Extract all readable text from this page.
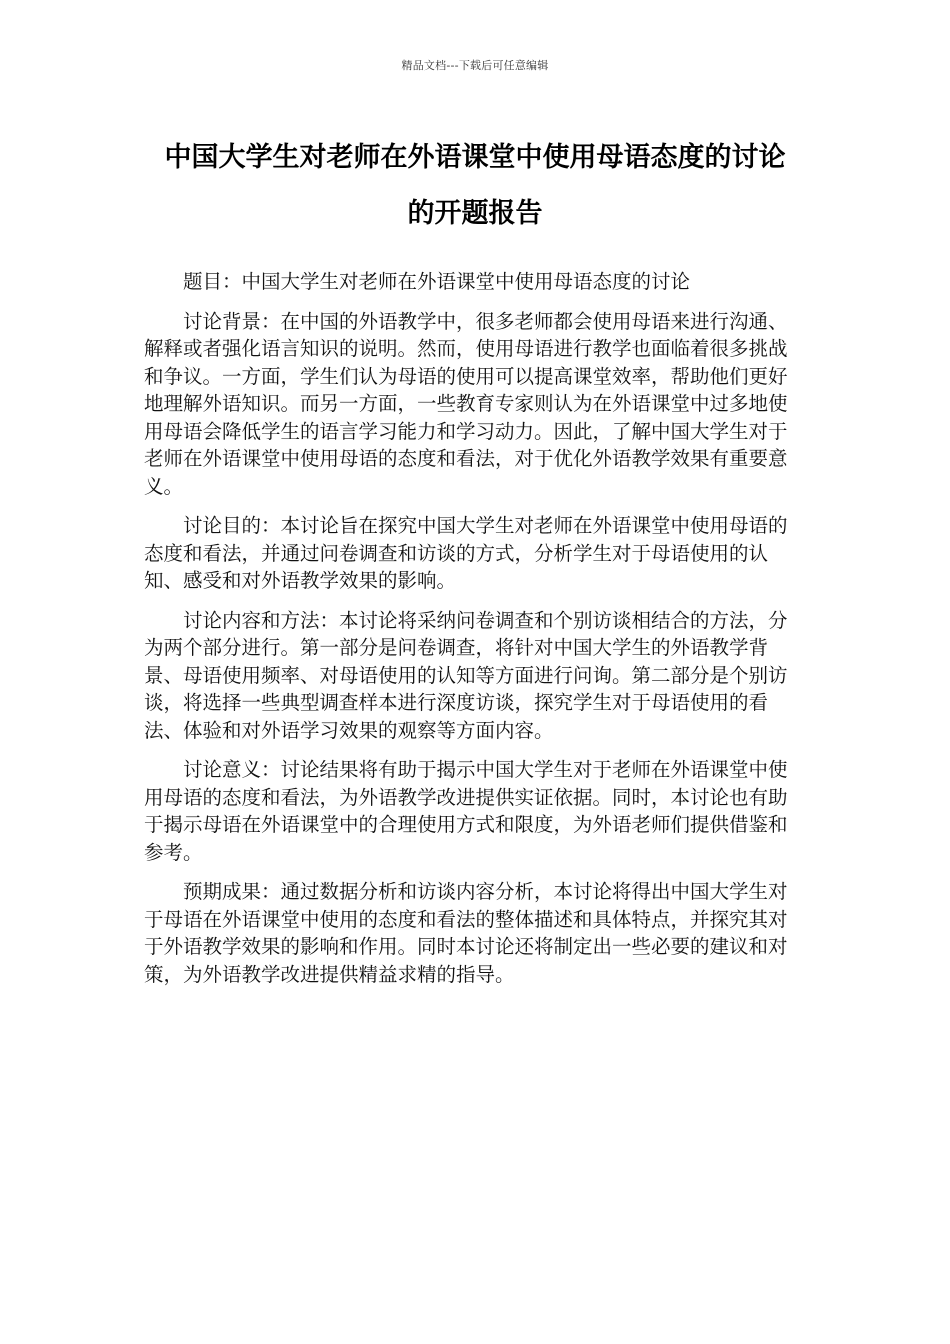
精品文档---下载后可任意编辑
中国大学生对老师在外语课堂中使用母语态度的讨论
的开题报告

题目：中国大学生对老师在外语课堂中使用母语态度的讨论

讨论背景：在中国的外语教学中，很多老师都会使用母语来进行沟通、解释或者强化语言知识的说明。然而，使用母语进行教学也面临着很多挑战和争议。一方面，学生们认为母语的使用可以提高课堂效率，帮助他们更好地理解外语知识。而另一方面，一些教育专家则认为在外语课堂中过多地使用母语会降低学生的语言学习能力和学习动力。因此，了解中国大学生对于老师在外语课堂中使用母语的态度和看法，对于优化外语教学效果有重要意义。

讨论目的：本讨论旨在探究中国大学生对老师在外语课堂中使用母语的态度和看法，并通过问卷调查和访谈的方式，分析学生对于母语使用的认知、感受和对外语教学效果的影响。

讨论内容和方法：本讨论将采纳问卷调查和个别访谈相结合的方法，分为两个部分进行。第一部分是问卷调查，将针对中国大学生的外语教学背景、母语使用频率、对母语使用的认知等方面进行问询。第二部分是个别访谈，将选择一些典型调查样本进行深度访谈，探究学生对于母语使用的看法、体验和对外语学习效果的观察等方面内容。

讨论意义：讨论结果将有助于揭示中国大学生对于老师在外语课堂中使用母语的态度和看法，为外语教学改进提供实证依据。同时，本讨论也有助于揭示母语在外语课堂中的合理使用方式和限度，为外语老师们提供借鉴和参考。

预期成果：通过数据分析和访谈内容分析，本讨论将得出中国大学生对于母语在外语课堂中使用的态度和看法的整体描述和具体特点，并探究其对于外语教学效果的影响和作用。同时本讨论还将制定出一些必要的建议和对策，为外语教学改进提供精益求精的指导。
